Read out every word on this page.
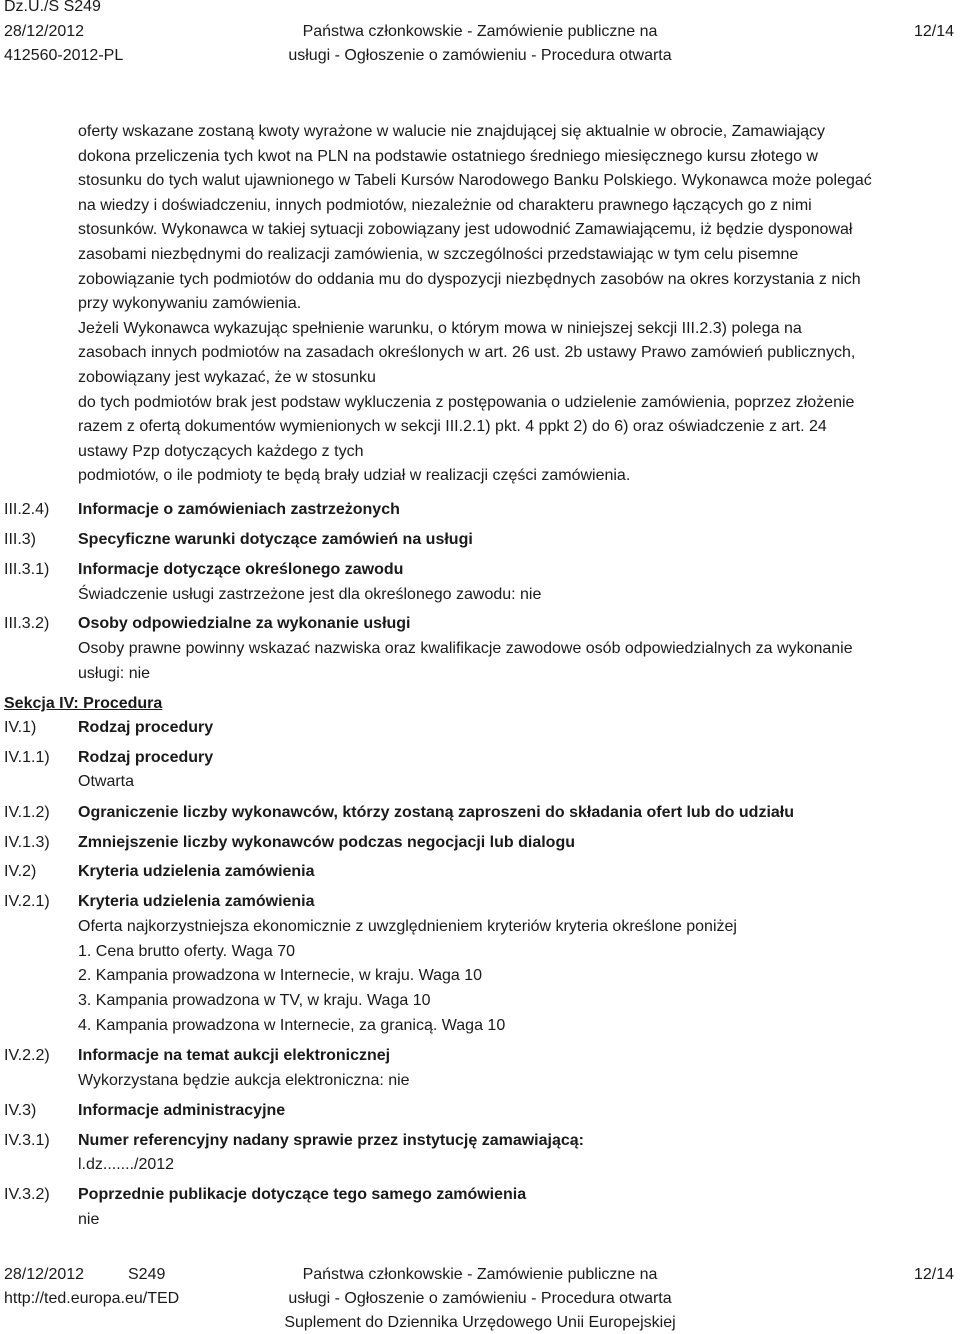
Dz.U./S S249
28/12/2012
412560-2012-PL
Państwa członkowskie - Zamówienie publiczne na
usługi - Ogłoszenie o zamówieniu - Procedura otwarta
12/14
oferty wskazane zostaną kwoty wyrażone w walucie nie znajdującej się aktualnie w obrocie, Zamawiający
dokona przeliczenia tych kwot na PLN na podstawie ostatniego średniego miesięcznego kursu złotego w
stosunku do tych walut ujawnionego w Tabeli Kursów Narodowego Banku Polskiego. Wykonawca może polegać
na wiedzy i doświadczeniu, innych podmiotów, niezależnie od charakteru prawnego łączących go z nimi
stosunków. Wykonawca w takiej sytuacji zobowiązany jest udowodnić Zamawiającemu, iż będzie dysponował
zasobami niezbędnymi do realizacji zamówienia, w szczególności przedstawiając w tym celu pisemne
zobowiązanie tych podmiotów do oddania mu do dyspozycji niezbędnych zasobów na okres korzystania z nich
przy wykonywaniu zamówienia.
Jeżeli Wykonawca wykazując spełnienie warunku, o którym mowa w niniejszej sekcji III.2.3) polega na
zasobach innych podmiotów na zasadach określonych w art. 26 ust. 2b ustawy Prawo zamówień publicznych,
zobowiązany jest wykazać, że w stosunku
do tych podmiotów brak jest podstaw wykluczenia z postępowania o udzielenie zamówienia, poprzez złożenie
razem z ofertą dokumentów wymienionych w sekcji III.2.1) pkt. 4 ppkt 2) do 6) oraz oświadczenie z art. 24
ustawy Pzp dotyczących każdego z tych
podmiotów, o ile podmioty te będą brały udział w realizacji części zamówienia.
III.2.4) Informacje o zamówieniach zastrzeżonych
III.3)	Specyficzne warunki dotyczące zamówień na usługi
III.3.1) Informacje dotyczące określonego zawodu
Świadczenie usługi zastrzeżone jest dla określonego zawodu: nie
III.3.2) Osoby odpowiedzialne za wykonanie usługi
Osoby prawne powinny wskazać nazwiska oraz kwalifikacje zawodowe osób odpowiedzialnych za wykonanie
usługi: nie
Sekcja IV: Procedura
IV.1)	Rodzaj procedury
IV.1.1) Rodzaj procedury
Otwarta
IV.1.2) Ograniczenie liczby wykonawców, którzy zostaną zaproszeni do składania ofert lub do udziału
IV.1.3) Zmniejszenie liczby wykonawców podczas negocjacji lub dialogu
IV.2)	Kryteria udzielenia zamówienia
IV.2.1) Kryteria udzielenia zamówienia
Oferta najkorzystniejsza ekonomicznie z uwzględnieniem kryteriów kryteria określone poniżej
1. Cena brutto oferty. Waga 70
2. Kampania prowadzona w Internecie, w kraju. Waga 10
3. Kampania prowadzona w TV, w kraju. Waga 10
4. Kampania prowadzona w Internecie, za granicą. Waga 10
IV.2.2) Informacje na temat aukcji elektronicznej
Wykorzystana będzie aukcja elektroniczna: nie
IV.3)	Informacje administracyjne
IV.3.1) Numer referencyjny nadany sprawie przez instytucję zamawiającą:
l.dz......./2012
IV.3.2) Poprzednie publikacje dotyczące tego samego zamówienia
nie
28/12/2012	S249
http://ted.europa.eu/TED
Państwa członkowskie - Zamówienie publiczne na
usługi - Ogłoszenie o zamówieniu - Procedura otwarta
Suplement do Dziennika Urzędowego Unii Europejskiej
12/14
